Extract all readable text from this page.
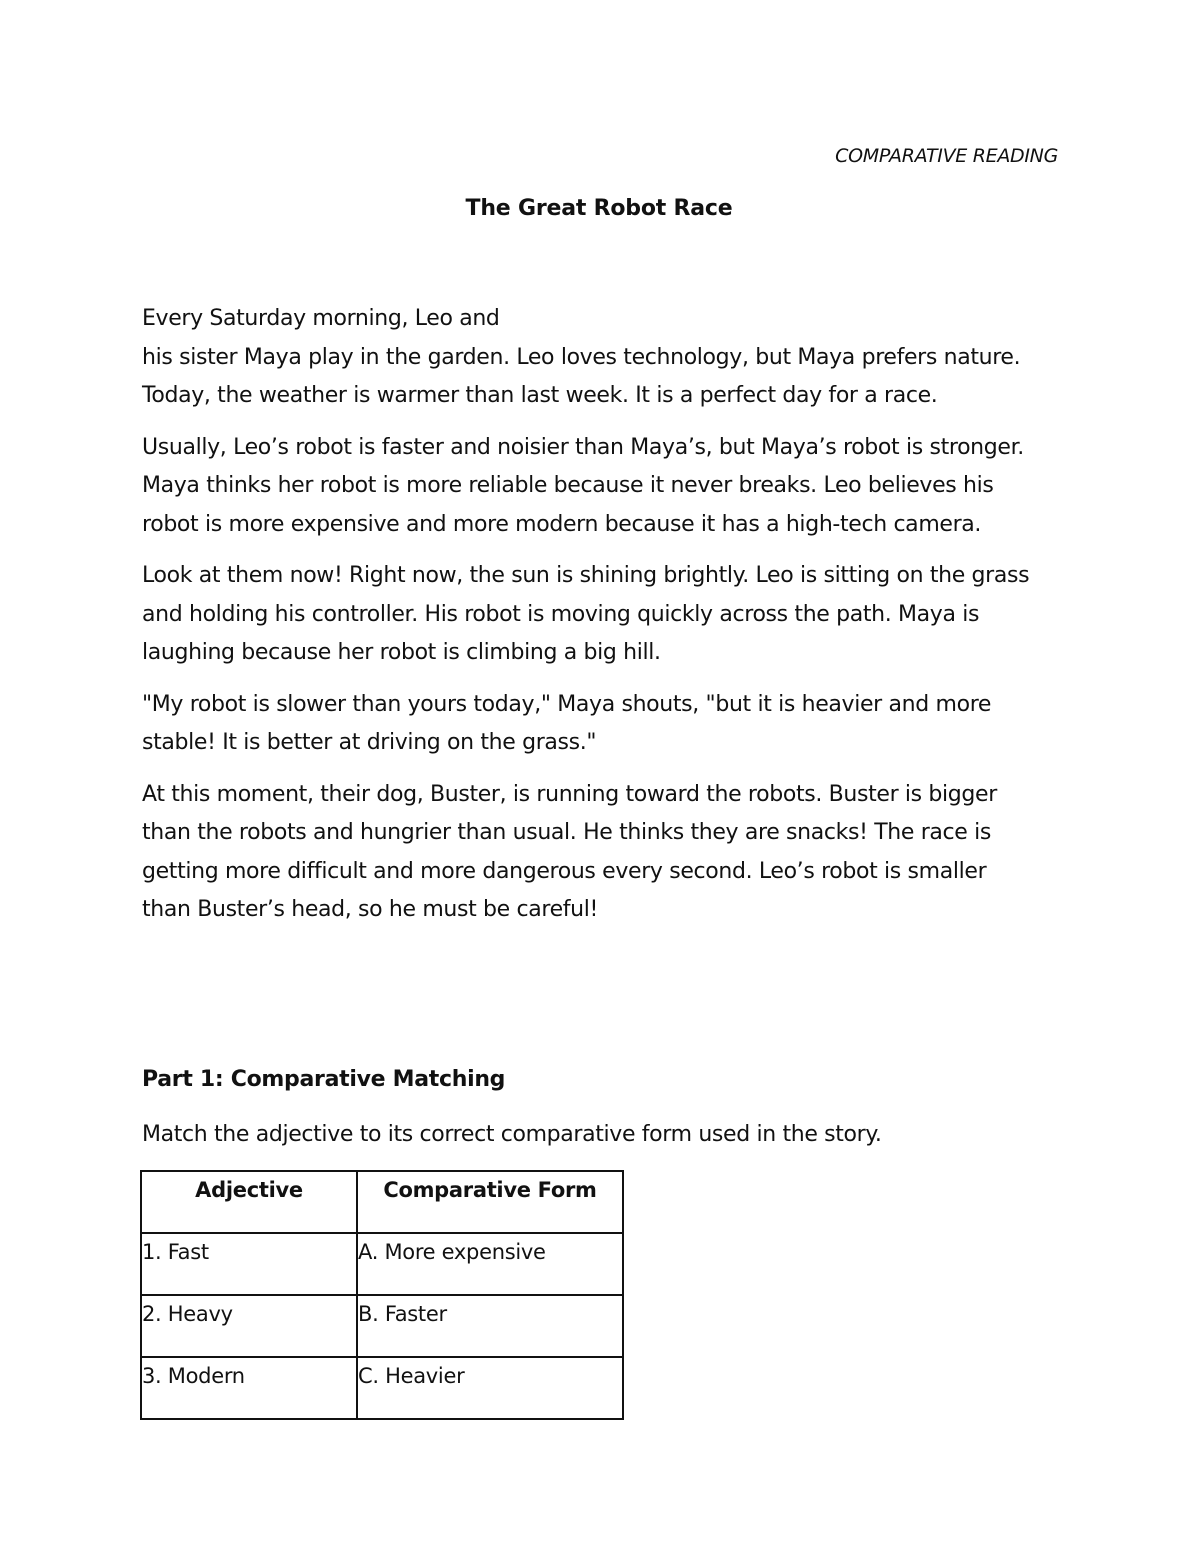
COMPARATIVE READING
The Great Robot Race

Every Saturday morning, Leo and
his sister Maya play in the garden. Leo loves technology, but Maya prefers nature.
Today, the weather is warmer than last week. It is a perfect day for a race.

Usually, Leo’s robot is faster and noisier than Maya’s, but Maya’s robot is stronger.
Maya thinks her robot is more reliable because it never breaks. Leo believes his
robot is more expensive and more modern because it has a high-tech camera.

Look at them now! Right now, the sun is shining brightly. Leo is sitting on the grass
and holding his controller. His robot is moving quickly across the path. Maya is
laughing because her robot is climbing a big hill.

"My robot is slower than yours today," Maya shouts, "but it is heavier and more
stable! It is better at driving on the grass."

At this moment, their dog, Buster, is running toward the robots. Buster is bigger
than the robots and hungrier than usual. He thinks they are snacks! The race is
getting more difficult and more dangerous every second. Leo’s robot is smaller
than Buster’s head, so he must be careful!

Part 1: Comparative Matching
Match the adjective to its correct comparative form used in the story.
Adjective	Comparative Form
1. Fast	A. More expensive
2. Heavy	B. Faster
3. Modern	C. Heavier
